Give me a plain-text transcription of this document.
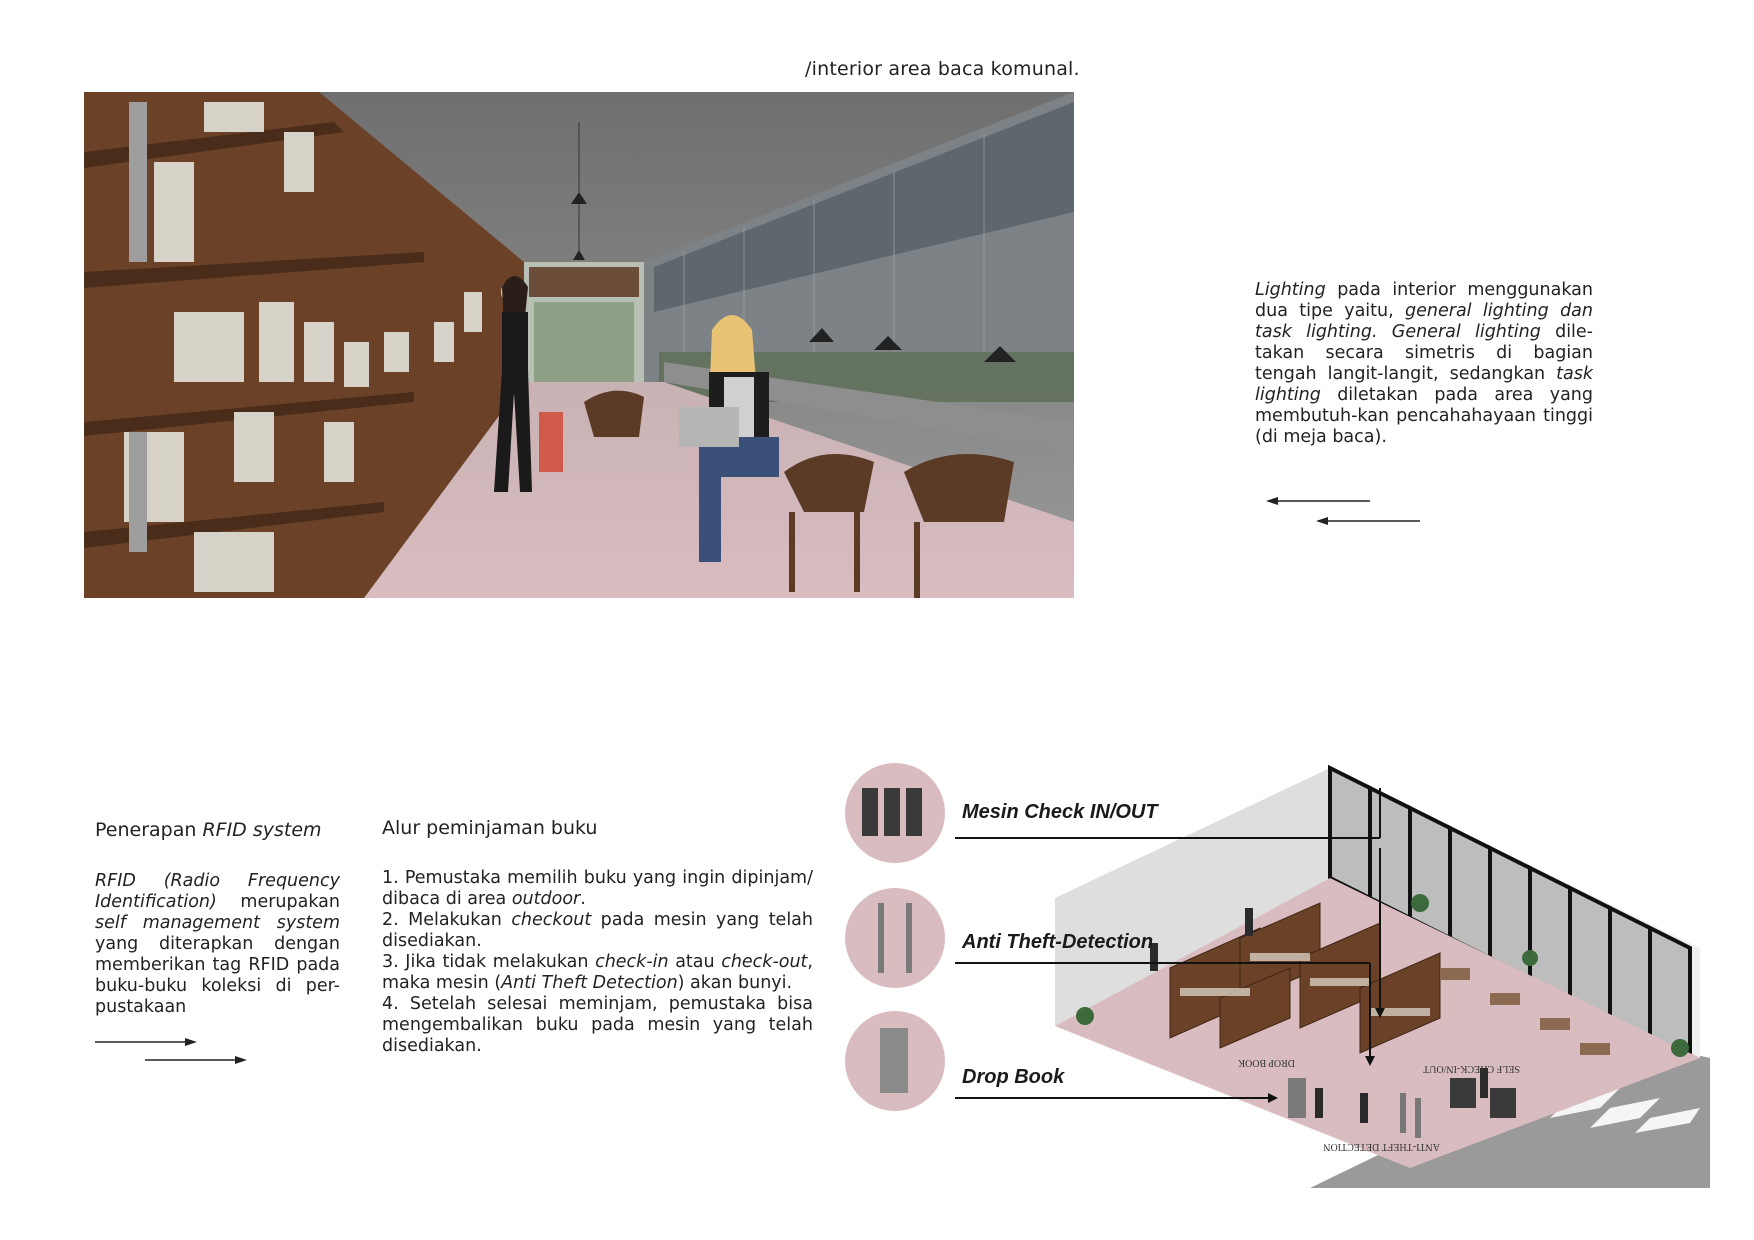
/interior area baca komunal.
Lighting pada interior menggunakan dua tipe yaitu, general lighting dan task lighting. General lighting dile-takan secara simetris di bagian tengah langit-langit, sedangkan task lighting diletakan pada area yang membutuh-kan pencahahayaan tinggi (di meja baca).
Penerapan RFID system
RFID (Radio Frequency Identification) merupakan self management system yang diterapkan dengan memberikan tag RFID pada buku-buku koleksi di per-pustakaan
Alur peminjaman buku

1. Pemustaka memilih buku yang ingin dipinjam/ dibaca di area outdoor.

2. Melakukan checkout pada mesin yang telah disediakan.

3. Jika tidak melakukan check-in atau check-out, maka mesin (Anti Theft Detection) akan bunyi.

4. Setelah selesai meminjam, pemustaka bisa mengembalikan buku pada mesin yang telah disediakan.

DROP BOOK
SELF CHECK-IN/OUT
ANTI-THEFT DETECTION
Mesin Check IN/OUT
Anti Theft-Detection
Drop Book
